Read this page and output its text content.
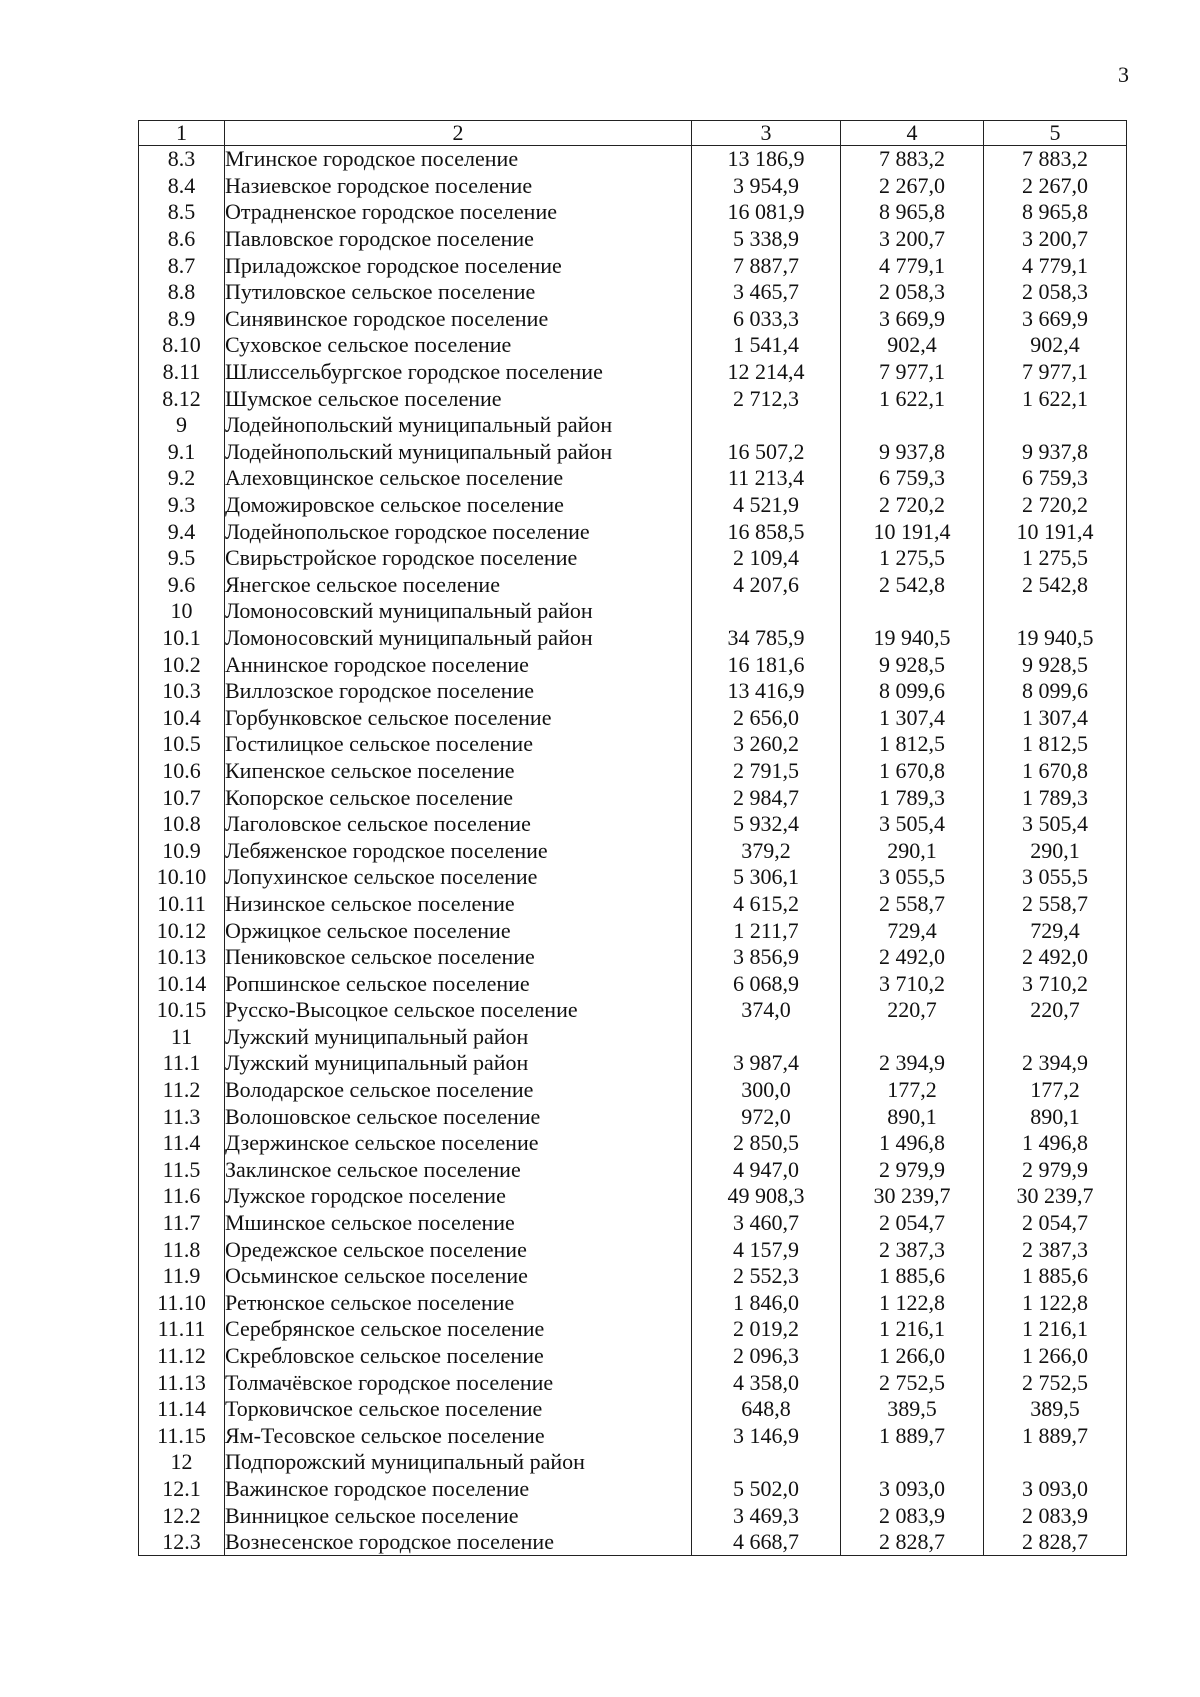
3
1	2	3	4	5
8.3	Мгинское городское поселение	13 186,9	7 883,2	7 883,2
8.4	Назиевское городское поселение	3 954,9	2 267,0	2 267,0
8.5	Отрадненское городское поселение	16 081,9	8 965,8	8 965,8
8.6	Павловское городское поселение	5 338,9	3 200,7	3 200,7
8.7	Приладожское городское поселение	7 887,7	4 779,1	4 779,1
8.8	Путиловское сельское поселение	3 465,7	2 058,3	2 058,3
8.9	Синявинское городское поселение	6 033,3	3 669,9	3 669,9
8.10	Суховское сельское поселение	1 541,4	902,4	902,4
8.11	Шлиссельбургское городское поселение	12 214,4	7 977,1	7 977,1
8.12	Шумское сельское поселение	2 712,3	1 622,1	1 622,1
9	Лодейнопольский муниципальный район			
9.1	Лодейнопольский муниципальный район	16 507,2	9 937,8	9 937,8
9.2	Алеховщинское сельское поселение	11 213,4	6 759,3	6 759,3
9.3	Доможировское сельское поселение	4 521,9	2 720,2	2 720,2
9.4	Лодейнопольское городское поселение	16 858,5	10 191,4	10 191,4
9.5	Свирьстройское городское поселение	2 109,4	1 275,5	1 275,5
9.6	Янегское сельское поселение	4 207,6	2 542,8	2 542,8
10	Ломоносовский муниципальный район			
10.1	Ломоносовский муниципальный район	34 785,9	19 940,5	19 940,5
10.2	Аннинское городское поселение	16 181,6	9 928,5	9 928,5
10.3	Виллозское городское поселение	13 416,9	8 099,6	8 099,6
10.4	Горбунковское сельское поселение	2 656,0	1 307,4	1 307,4
10.5	Гостилицкое сельское поселение	3 260,2	1 812,5	1 812,5
10.6	Кипенское сельское поселение	2 791,5	1 670,8	1 670,8
10.7	Копорское сельское поселение	2 984,7	1 789,3	1 789,3
10.8	Лаголовское сельское поселение	5 932,4	3 505,4	3 505,4
10.9	Лебяженское городское поселение	379,2	290,1	290,1
10.10	Лопухинское сельское поселение	5 306,1	3 055,5	3 055,5
10.11	Низинское сельское поселение	4 615,2	2 558,7	2 558,7
10.12	Оржицкое сельское поселение	1 211,7	729,4	729,4
10.13	Пениковское сельское поселение	3 856,9	2 492,0	2 492,0
10.14	Ропшинское сельское поселение	6 068,9	3 710,2	3 710,2
10.15	Русско-Высоцкое сельское поселение	374,0	220,7	220,7
11	Лужский муниципальный район			
11.1	Лужский муниципальный район	3 987,4	2 394,9	2 394,9
11.2	Володарское сельское поселение	300,0	177,2	177,2
11.3	Волошовское сельское поселение	972,0	890,1	890,1
11.4	Дзержинское сельское поселение	2 850,5	1 496,8	1 496,8
11.5	Заклинское сельское поселение	4 947,0	2 979,9	2 979,9
11.6	Лужское городское поселение	49 908,3	30 239,7	30 239,7
11.7	Мшинское сельское поселение	3 460,7	2 054,7	2 054,7
11.8	Оредежское сельское поселение	4 157,9	2 387,3	2 387,3
11.9	Осьминское сельское поселение	2 552,3	1 885,6	1 885,6
11.10	Ретюнское сельское поселение	1 846,0	1 122,8	1 122,8
11.11	Серебрянское сельское поселение	2 019,2	1 216,1	1 216,1
11.12	Скребловское сельское поселение	2 096,3	1 266,0	1 266,0
11.13	Толмачёвское городское поселение	4 358,0	2 752,5	2 752,5
11.14	Торковичское сельское поселение	648,8	389,5	389,5
11.15	Ям-Тесовское сельское поселение	3 146,9	1 889,7	1 889,7
12	Подпорожский муниципальный район			
12.1	Важинское городское поселение	5 502,0	3 093,0	3 093,0
12.2	Винницкое сельское поселение	3 469,3	2 083,9	2 083,9
12.3	Вознесенское городское поселение	4 668,7	2 828,7	2 828,7
